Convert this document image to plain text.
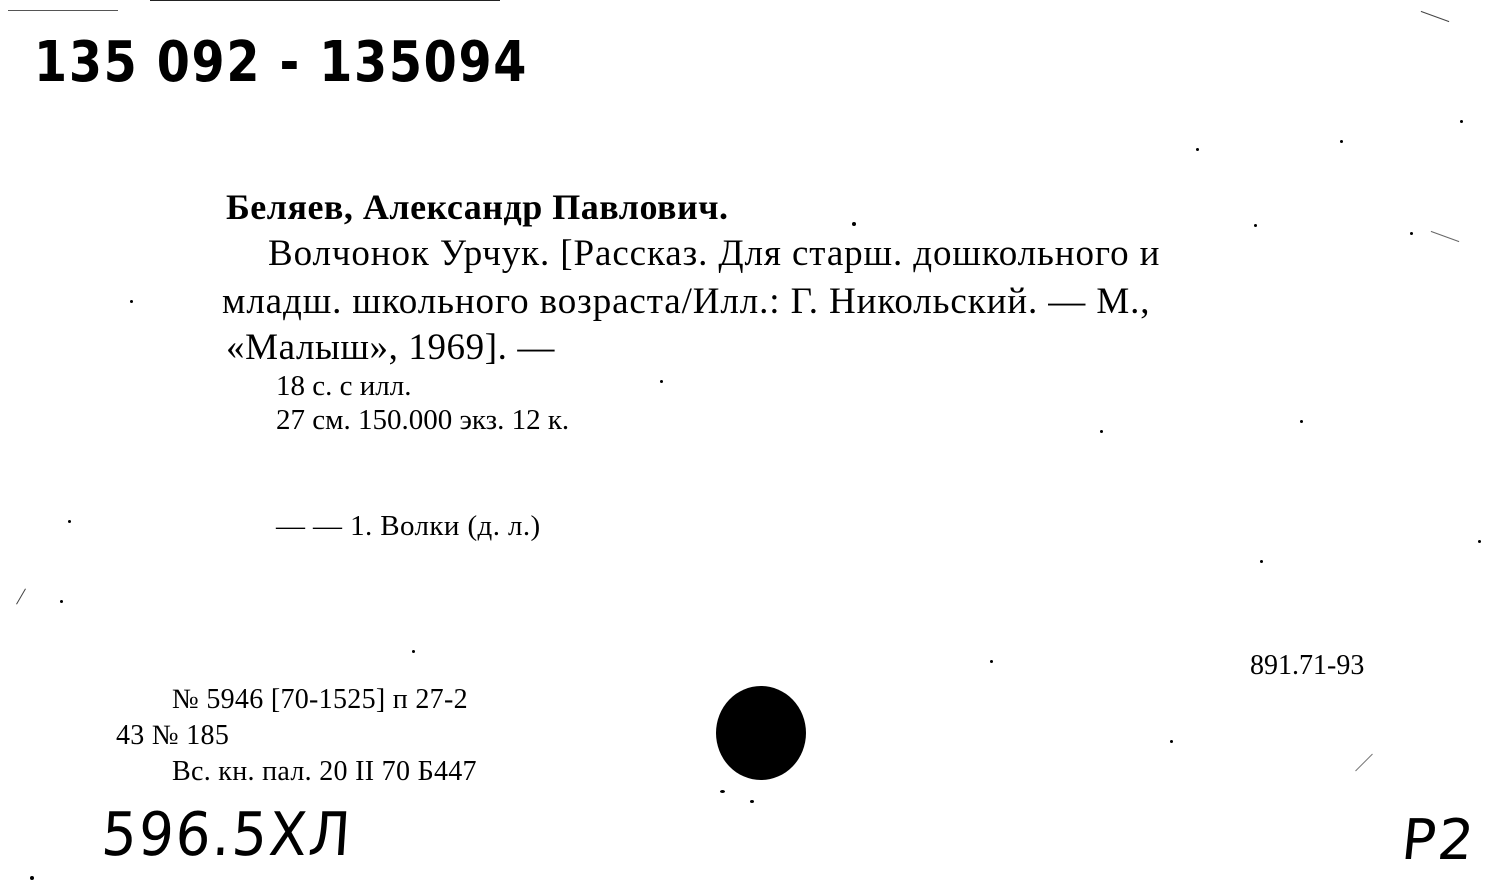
135 092 - 135094
Беляев, Александр Павлович.
Волчонок Урчук. [Рассказ. Для старш. дошкольного и
младш. школьного возраста/Илл.: Г. Никольский. — М.,
«Малыш», 1969]. —
18 с. с илл.
27 см. 150.000 экз. 12 к.
— — 1. Волки (д. л.)
891.71-93
№ 5946 [70-1525] п 27-2
43 № 185
Вс. кн. пал. 20 II 70 Б447
596.5ХЛ	Р2
